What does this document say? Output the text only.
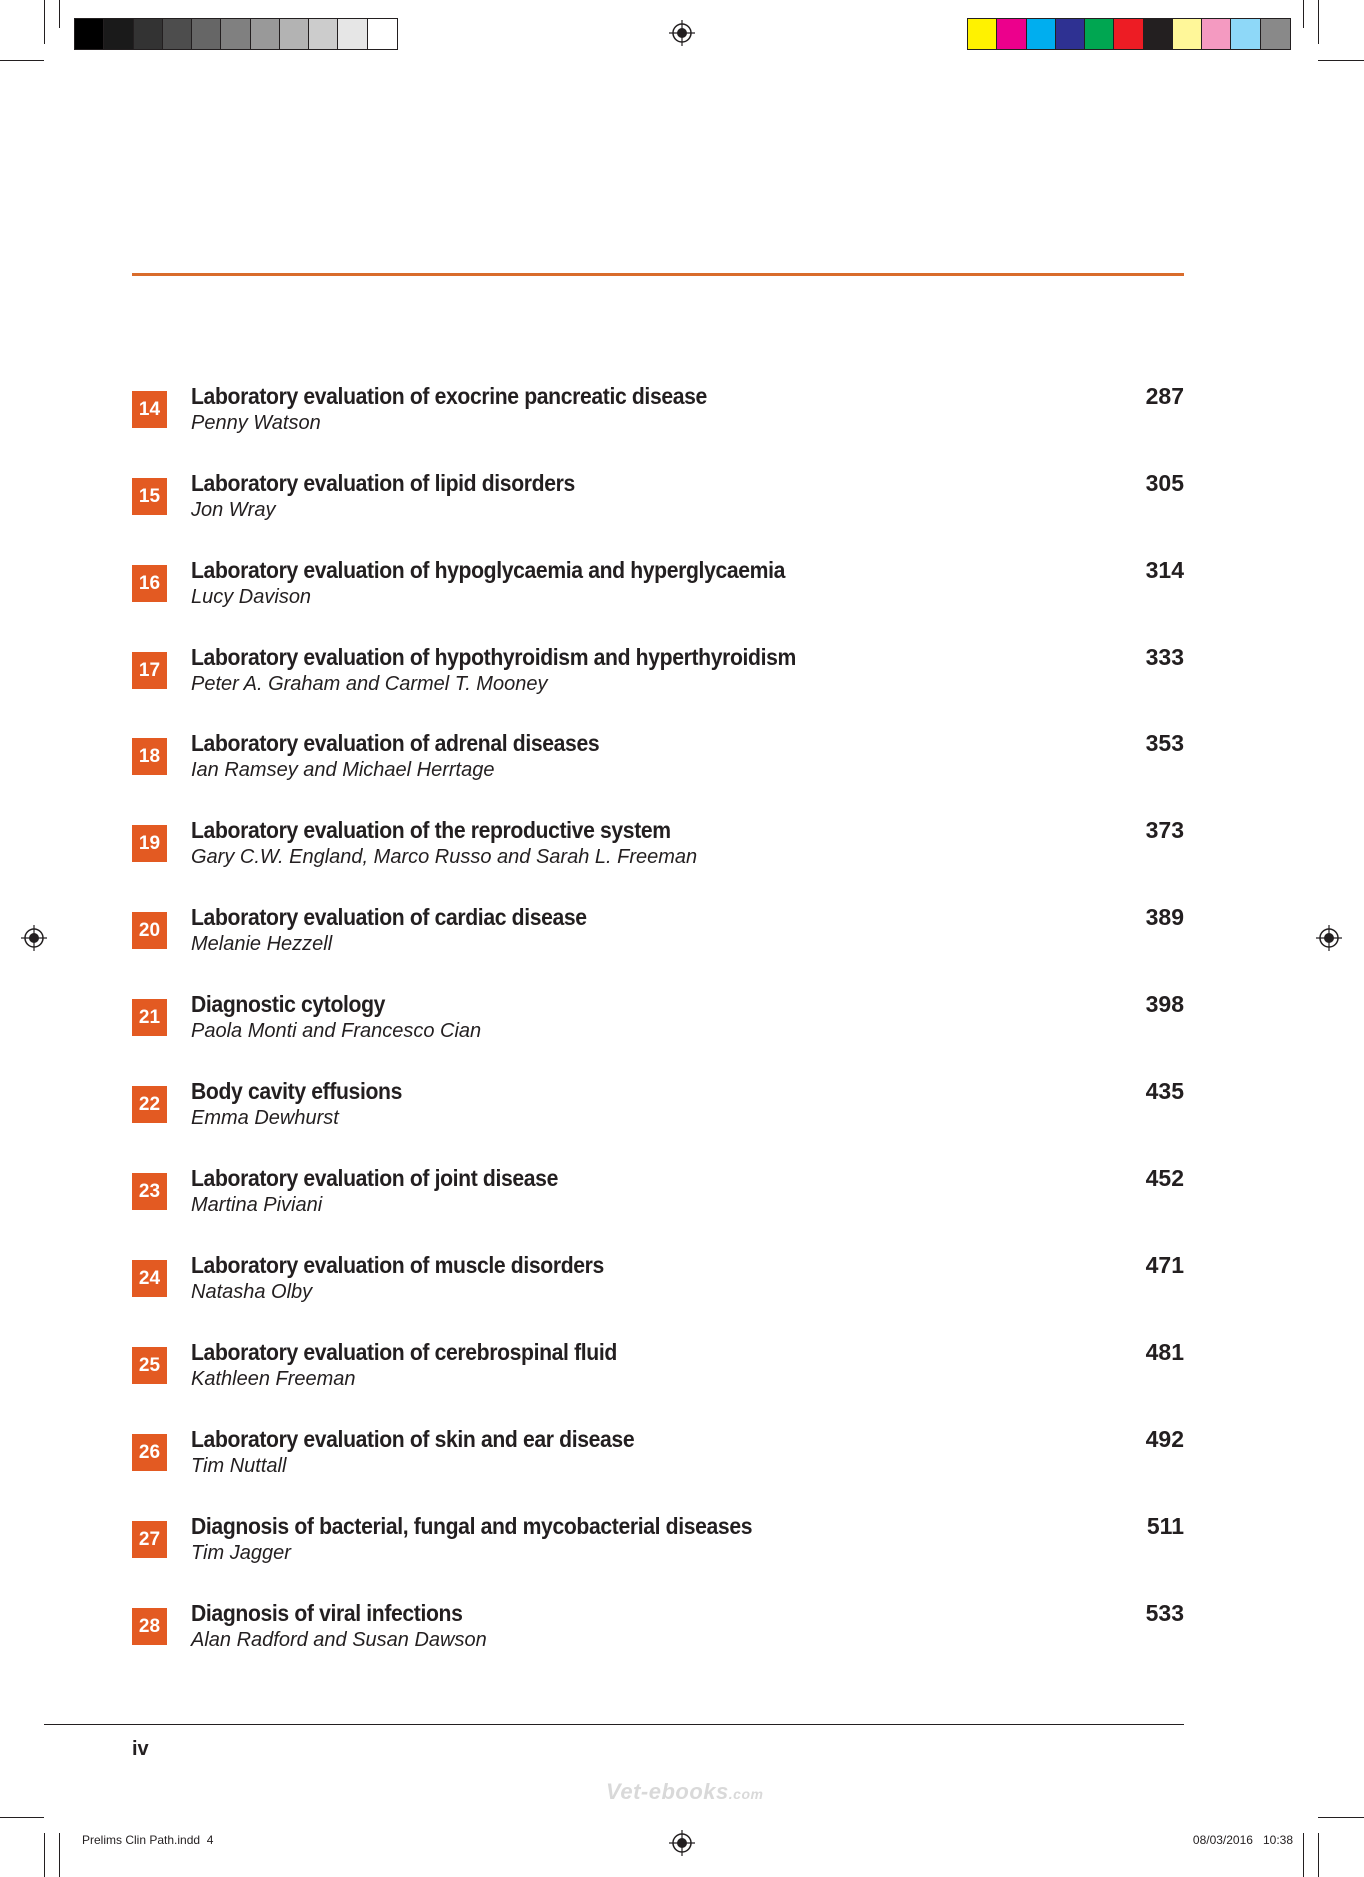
14	Laboratory evaluation of exocrine pancreatic disease
Penny Watson
287
15	Laboratory evaluation of lipid disorders
Jon Wray
305
16	Laboratory evaluation of hypoglycaemia and hyperglycaemia
Lucy Davison
314
17	Laboratory evaluation of hypothyroidism and hyperthyroidism
Peter A. Graham and Carmel T. Mooney
333
18	Laboratory evaluation of adrenal diseases
Ian Ramsey and Michael Herrtage
353
19	Laboratory evaluation of the reproductive system
Gary C.W. England, Marco Russo and Sarah L. Freeman
373
20	Laboratory evaluation of cardiac disease
Melanie Hezzell
389
21	Diagnostic cytology
Paola Monti and Francesco Cian
398
22	Body cavity effusions
Emma Dewhurst
435
23	Laboratory evaluation of joint disease
Martina Piviani
452
24	Laboratory evaluation of muscle disorders
Natasha Olby
471
25	Laboratory evaluation of cerebrospinal fluid
Kathleen Freeman
481
26	Laboratory evaluation of skin and ear disease
Tim Nuttall
492
27	Diagnosis of bacterial, fungal and mycobacterial diseases
Tim Jagger
511
28	Diagnosis of viral infections
Alan Radford and Susan Dawson
533
iv
Vet-ebooks.com
Prelims Clin Path.indd 4	08/03/2016 10:38
